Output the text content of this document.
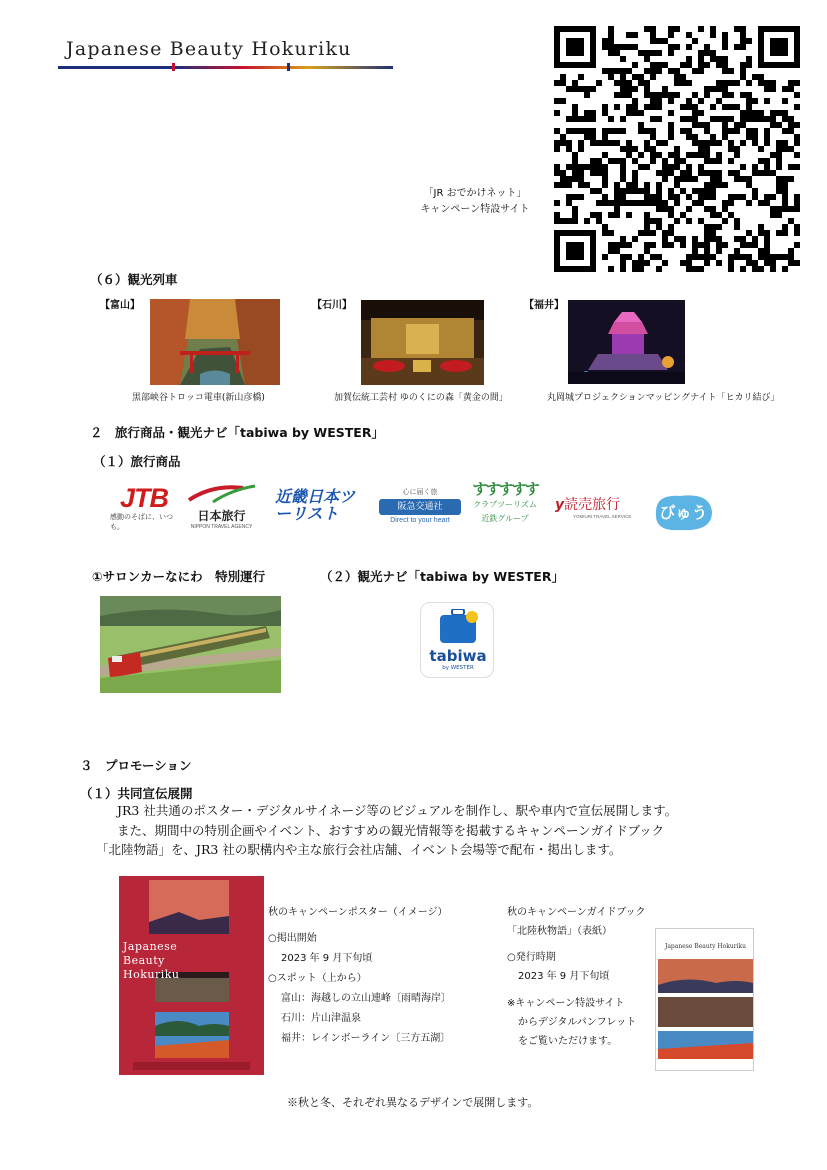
Japanese Beauty Hokuriku
「JR おでかけネット」
キャンペーン特設サイト
（６）観光列車
【富山】
黒部峡谷トロッコ電車(新山彦橋)
【石川】
加賀伝統工芸村 ゆのくにの森「黄金の間」
【福井】
丸岡城プロジェクションマッピングナイト「ヒカリ結び」
２　旅行商品・観光ナビ「tabiwa by WESTER」
（１）旅行商品
JTB
感動のそばに、いつも。
日本旅行
NIPPON TRAVEL AGENCY
近畿日本ツーリスト
心に届く旅
阪急交通社
Direct to your heart
すすすすす
クラブツーリズム
近鉄グループ
y読売旅行
YOMIURI TRAVEL SERVICE	びゅう
①サロンカーなにわ　特別運行	（２）観光ナビ「tabiwa by WESTER」
tabiwa
by WESTER
３　プロモーション
（１）共同宣伝展開
JR3 社共通のポスター・デジタルサイネージ等のビジュアルを制作し、駅や車内で宣伝展開します。
また、期間中の特別企画やイベント、おすすめの観光情報等を掲載するキャンペーンガイドブック
「北陸物語」を、JR3 社の駅構内や主な旅行会社店舗、イベント会場等で配布・掲出します。
Japanese Beauty Hokuriku
秋のキャンペーンポスター（イメージ）
○掲出開始
2023 年 9 月下旬頃
○スポット（上から）
富山：海越しの立山連峰〔雨晴海岸〕
石川：片山津温泉
福井：レインボーライン〔三方五湖〕
秋のキャンペーンガイドブック
「北陸秋物語」（表紙）
○発行時期
2023 年 9 月下旬頃
※キャンペーン特設サイト
からデジタルパンフレット
をご覧いただけます。
Japanese Beauty Hokuriku
※秋と冬、それぞれ異なるデザインで展開します。
